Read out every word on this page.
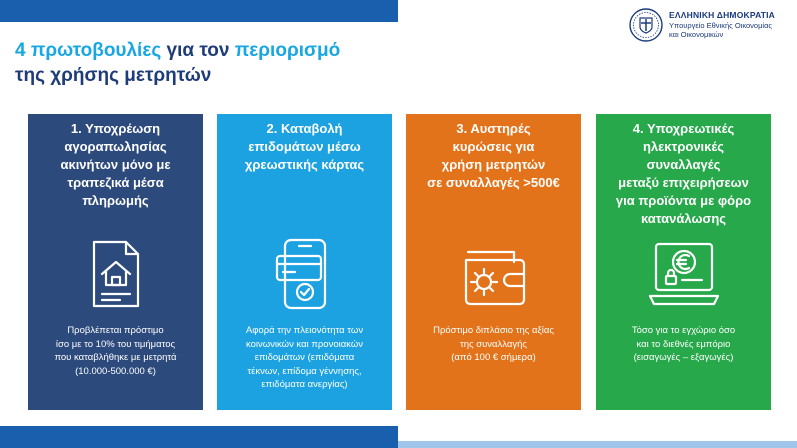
ΕΛΛΗΝΙΚΗ ΔΗΜΟΚΡΑΤΙΑ
Υπουργείο Εθνικής Οικονομίας
και Οικονομικών
4 πρωτοβουλίες για τον περιορισμό
της χρήσης μετρητών
1. Υποχρέωση
αγοραπωλησίας
ακινήτων μόνο με
τραπεζικά μέσα
πληρωμής
Προβλέπεται πρόστιμο
ίσο με το 10% του τιμήματος
που καταβλήθηκε με μετρητά
(10.000-500.000 €)
2. Καταβολή
επιδομάτων μέσω
χρεωστικής κάρτας
Αφορά την πλειονότητα των
κοινωνικών και προνοιακών
επιδομάτων (επιδόματα
τέκνων, επίδομα γέννησης,
επιδόματα ανεργίας)
3. Αυστηρές
κυρώσεις για
χρήση μετρητών
σε συναλλαγές >500€
Πρόστιμο διπλάσιο της αξίας
της συναλλαγής
(από 100 € σήμερα)
4. Υποχρεωτικές
ηλεκτρονικές
συναλλαγές
μεταξύ επιχειρήσεων
για προϊόντα με φόρο
κατανάλωσης
Τόσο για το εγχώριο όσο
και το διεθνές εμπόριο
(εισαγωγές – εξαγωγές)
